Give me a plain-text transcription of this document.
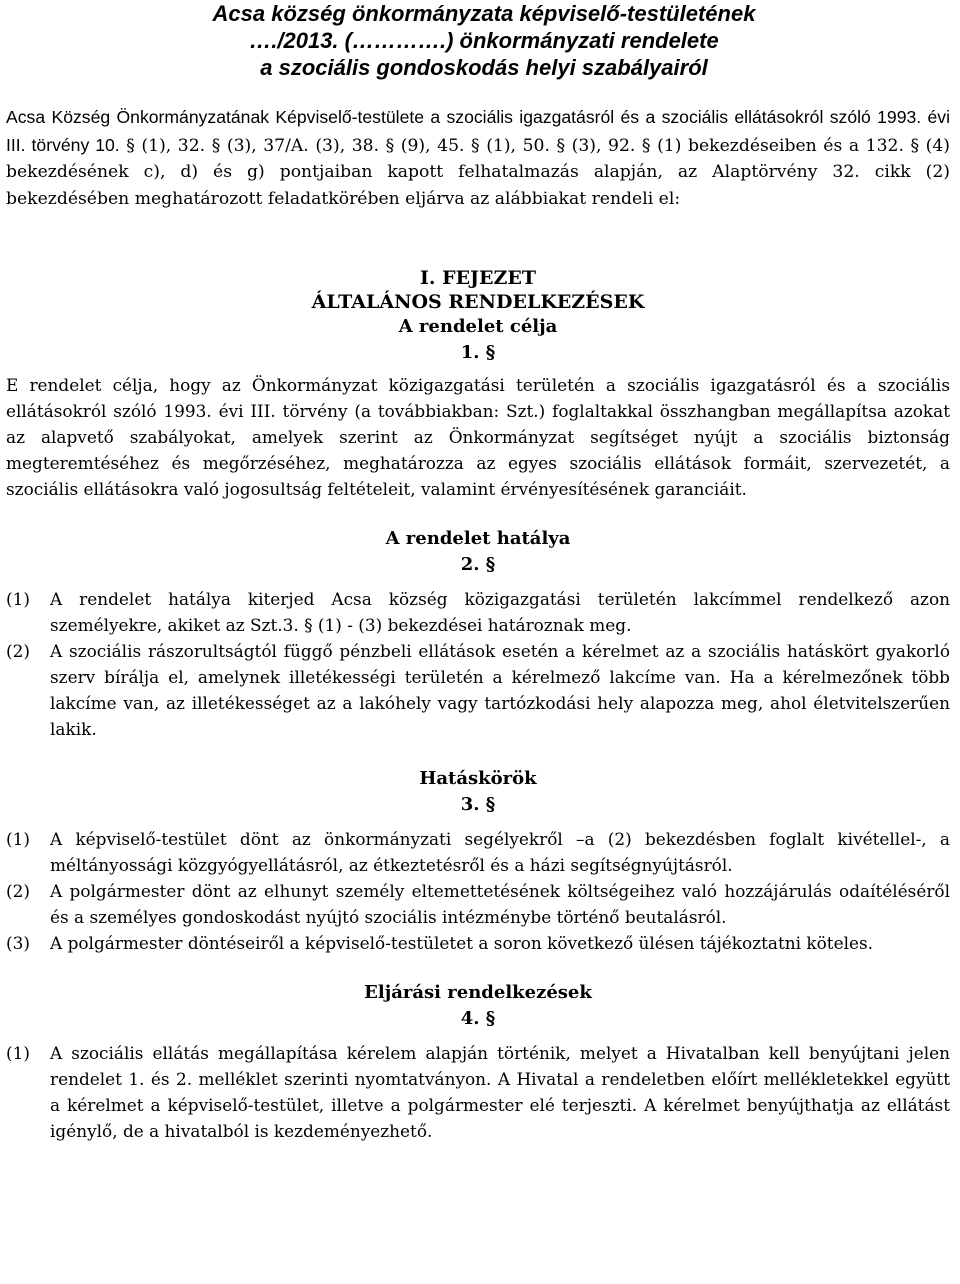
Acsa község önkormányzata képviselő-testületének
…./2013. (………….) önkormányzati rendelete
a szociális gondoskodás helyi szabályairól
Acsa Község Önkormányzatának Képviselő-testülete a szociális igazgatásról és a szociális ellátásokról szóló 1993. évi III. törvény 10. § (1), 32. § (3), 37/A. (3), 38. § (9), 45. § (1), 50. § (3), 92. § (1) bekezdéseiben és a 132. § (4) bekezdésének c), d) és g) pontjaiban kapott felhatalmazás alapján, az Alaptörvény 32. cikk (2) bekezdésében meghatározott feladatkörében eljárva az alábbiakat rendeli el:
I. FEJEZET
ÁLTALÁNOS RENDELKEZÉSEK
A rendelet célja
1. §
E rendelet célja, hogy az Önkormányzat közigazgatási területén a szociális igazgatásról és a szociális ellátásokról szóló 1993. évi III. törvény (a továbbiakban: Szt.) foglaltakkal összhangban megállapítsa azokat az alapvető szabályokat, amelyek szerint az Önkormányzat segítséget nyújt a szociális biztonság megteremtéséhez és megőrzéséhez, meghatározza az egyes szociális ellátások formáit, szervezetét, a szociális ellátásokra való jogosultság feltételeit, valamint érvényesítésének garanciáit.
A rendelet hatálya
2. §
(1)	A rendelet hatálya kiterjed Acsa község közigazgatási területén lakcímmel rendelkező azon személyekre, akiket az Szt.3. § (1) - (3) bekezdései határoznak meg.
(2)	A szociális rászorultságtól függő pénzbeli ellátások esetén a kérelmet az a szociális hatáskört gyakorló szerv bírálja el, amelynek illetékességi területén a kérelmező lakcíme van. Ha a kérelmezőnek több lakcíme van, az illetékességet az a lakóhely vagy tartózkodási hely alapozza meg, ahol életvitelszerűen lakik.
Hatáskörök
3. §
(1)	A képviselő-testület dönt az önkormányzati segélyekről –a (2) bekezdésben foglalt kivétellel-, a méltányossági közgyógyellátásról, az étkeztetésről és a házi segítségnyújtásról.
(2)	A polgármester dönt az elhunyt személy eltemettetésének költségeihez való hozzájárulás odaítéléséről és a személyes gondoskodást nyújtó szociális intézménybe történő beutalásról.
(3)	A polgármester döntéseiről a képviselő-testületet a soron következő ülésen tájékoztatni köteles.
Eljárási rendelkezések
4. §
(1)	A szociális ellátás megállapítása kérelem alapján történik, melyet a Hivatalban kell benyújtani jelen rendelet 1. és 2. melléklet szerinti nyomtatványon. A Hivatal a rendeletben előírt mellékletekkel együtt a kérelmet a képviselő-testület, illetve a polgármester elé terjeszti. A kérelmet benyújthatja az ellátást igénylő, de a hivatalból is kezdeményezhető.
